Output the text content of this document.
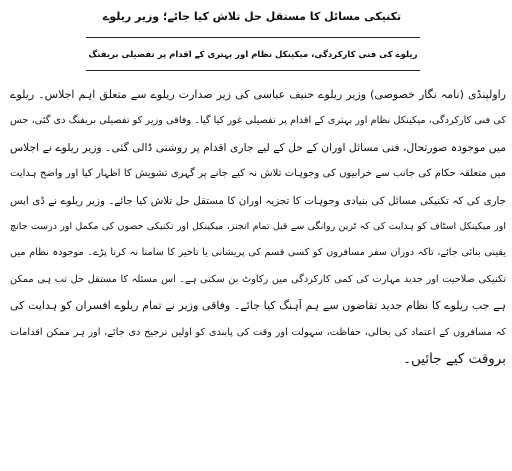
تکنیکی مسائل کا مستقل حل تلاش کیا جائے؛ وزیر ریلوے
ریلوے کی فنی کارکردگی، میکینکل نظام اور بہتری کے اقدام پر تفصیلی بریفنگ
راولپنڈی (نامہ نگار خصوصی) وزیر ریلوے حنیف عباسی کی زیر صدارت ریلوے سے متعلق اہم اجلاس۔ ریلوے
کی فنی کارکردگی، میکینکل نظام اور بہتری کے اقدام پر تفصیلی غور کیا گیا۔ وفاقی وزیر کو تفصیلی بریفنگ دی گئی، جس
میں موجودہ صورتحال، فنی مسائل اوران کے حل کے لیے جاری اقدام پر روشنی ڈالی گئی۔ وزیر ریلوے نے اجلاس
میں متعلقہ حکام کی جانب سے خرابیوں کی وجوہات تلاش نہ کیے جانے پر گہری تشویش کا اظہار کیا اور واضح ہدایت
جاری کی کہ تکنیکی مسائل کی بنیادی وجوہات کا تجزیہ اوران کا مستقل حل تلاش کیا جائے۔ وزیر ریلوے نے ڈی ایس
اور میکینکل اسٹاف کو ہدایت کی کہ ٹرین روانگی سے قبل تمام انجنز، میکینکل اور تکنیکی حصوں کی مکمل اور درست جانچ
یقینی بنائی جائے، تاکہ دوران سفر مسافروں کو کسی قسم کی پریشانی یا تاخیر کا سامنا نہ کرنا پڑے۔ موجودہ نظام میں
تکنیکی صلاحیت اور جدید مہارت کی کمی کارکردگی میں رکاوٹ بن سکتی ہے۔ اس مسئلہ کا مستقل حل تب ہی ممکن
ہے جب ریلوے کا نظام جدید تقاضوں سے ہم آہنگ کیا جائے۔ وفاقی وزیر نے تمام ریلوے افسران کو ہدایت کی
کہ مسافروں کے اعتماد کی بحالی، حفاظت، سہولت اور وقت کی پابندی کو اولین ترجیح دی جائے، اور ہر ممکن اقدامات
بروقت کیے جائیں۔
